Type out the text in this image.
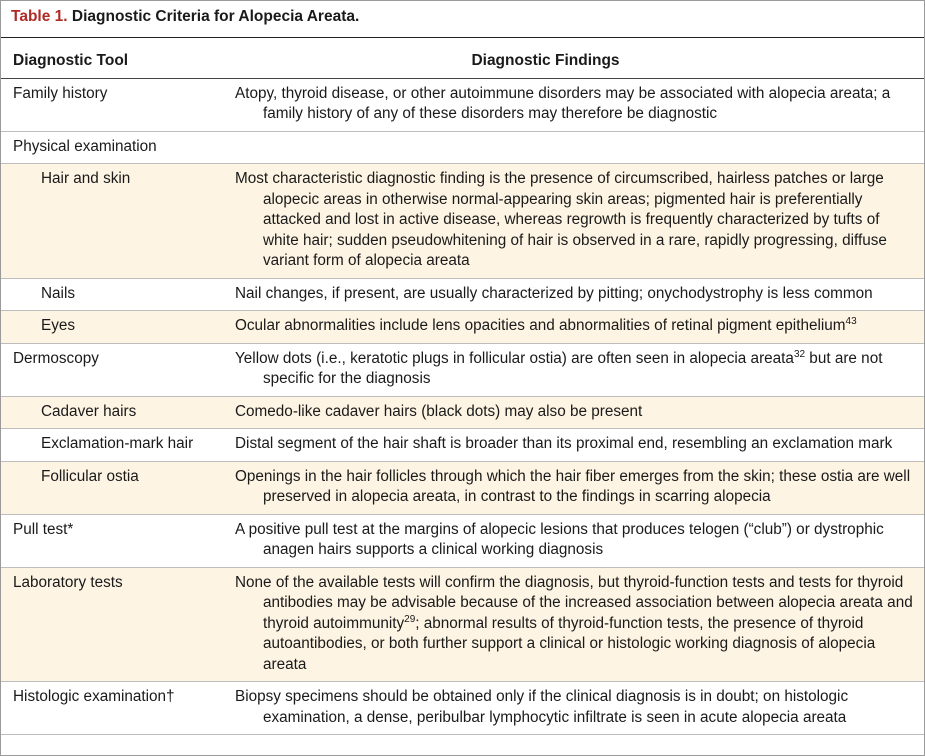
Table 1. Diagnostic Criteria for Alopecia Areata.
Diagnostic Tool	Diagnostic Findings
Family history	Atopy, thyroid disease, or other autoimmune disorders may be associated with alopecia areata; a family history of any of these disorders may therefore be diagnostic

Physical examination	

Hair and skin	Most characteristic diagnostic finding is the presence of circumscribed, hairless patches or large alopecic areas in otherwise normal-appearing skin areas; pigmented hair is preferentially attacked and lost in active disease, whereas regrowth is frequently characterized by tufts of white hair; sudden pseudowhitening of hair is observed in a rare, rapidly progressing, diffuse variant form of alopecia areata

Nails	Nail changes, if present, are usually characterized by pitting; onychodystrophy is less common

Eyes	Ocular abnormalities include lens opacities and abnormalities of retinal pigment epithelium$^{43}$

Dermoscopy	Yellow dots (i.e., keratotic plugs in follicular ostia) are often seen in alopecia areata$^{32}$ but are not specific for the diagnosis

Cadaver hairs	Comedo-like cadaver hairs (black dots) may also be present

Exclamation-mark hair	Distal segment of the hair shaft is broader than its proximal end, resembling an exclamation mark

Follicular ostia	Openings in the hair follicles through which the hair fiber emerges from the skin; these ostia are well preserved in alopecia areata, in contrast to the findings in scarring alopecia

Pull test*	A positive pull test at the margins of alopecic lesions that produces telogen (“club”) or dystrophic anagen hairs supports a clinical working diagnosis

Laboratory tests	None of the available tests will confirm the diagnosis, but thyroid-function tests and tests for thyroid antibodies may be advisable because of the increased association between alopecia areata and thyroid autoimmunity$^{29}$; abnormal results of thyroid-function tests, the presence of thyroid autoantibodies, or both further support a clinical or histologic working diagnosis of alopecia areata

Histologic examination†	Biopsy specimens should be obtained only if the clinical diagnosis is in doubt; on histologic examination, a dense, peribulbar lymphocytic infiltrate is seen in acute alopecia areata
